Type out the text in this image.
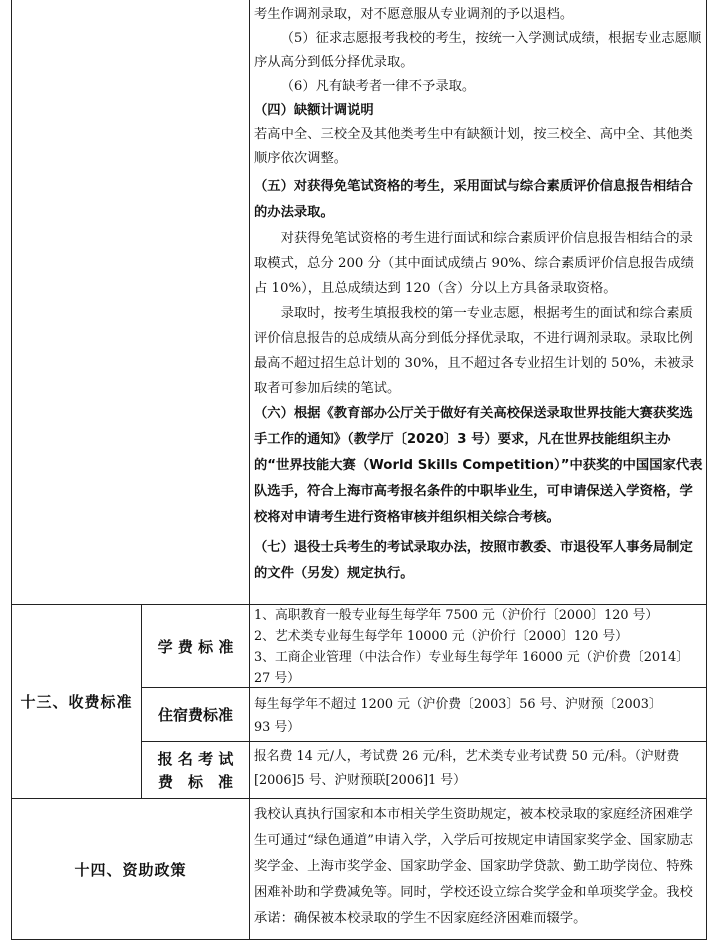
考生作调剂录取，对不愿意服从专业调剂的予以退档。

（5）征求志愿报考我校的考生，按统一入学测试成绩，根据专业志愿顺序从高分到低分择优录取。

（6）凡有缺考者一律不予录取。

（四）缺额计调说明

若高中全、三校全及其他类考生中有缺额计划，按三校全、高中全、其他类顺序依次调整。

（五）对获得免笔试资格的考生，采用面试与综合素质评价信息报告相结合的办法录取。

对获得免笔试资格的考生进行面试和综合素质评价信息报告相结合的录取模式，总分 200 分（其中面试成绩占 90%、综合素质评价信息报告成绩占 10%），且总成绩达到 120（含）分以上方具备录取资格。

录取时，按考生填报我校的第一专业志愿，根据考生的面试和综合素质评价信息报告的总成绩从高分到低分择优录取，不进行调剂录取。录取比例最高不超过招生总计划的 30%，且不超过各专业招生计划的 50%，未被录取者可参加后续的笔试。

（六）根据《教育部办公厅关于做好有关高校保送录取世界技能大赛获奖选手工作的通知》（教学厅〔2020〕3 号）要求，凡在世界技能组织主办的“世界技能大赛（World Skills Competition）”中获奖的中国国家代表队选手，符合上海市高考报名条件的中职毕业生，可申请保送入学资格，学校将对申请考生进行资格审核并组织相关综合考核。

（七）退役士兵考生的考试录取办法，按照市教委、市退役军人事务局制定的文件（另发）规定执行。

十三、收费标准
学 费 标 准
1、高职教育一般专业每生每学年 7500 元（沪价行〔2000〕120 号）
2、艺术类专业每生每学年 10000 元（沪价行〔2000〕120 号）
3、工商企业管理（中法合作）专业每生每学年 16000 元（沪价费〔2014〕27 号）
住宿费标准
每生每学年不超过 1200 元（沪价费〔2003〕56 号、沪财预〔2003〕93 号）
报 名 考 试
费　标　准
报名费 14 元/人，考试费 26 元/科，艺术类专业考试费 50 元/科。（沪财费[2006]5 号、沪财预联[2006]1 号）
十四、资助政策
我校认真执行国家和本市相关学生资助规定，被本校录取的家庭经济困难学生可通过“绿色通道”申请入学，入学后可按规定申请国家奖学金、国家励志奖学金、上海市奖学金、国家助学金、国家助学贷款、勤工助学岗位、特殊困难补助和学费减免等。同时，学校还设立综合奖学金和单项奖学金。我校承诺：确保被本校录取的学生不因家庭经济困难而辍学。
